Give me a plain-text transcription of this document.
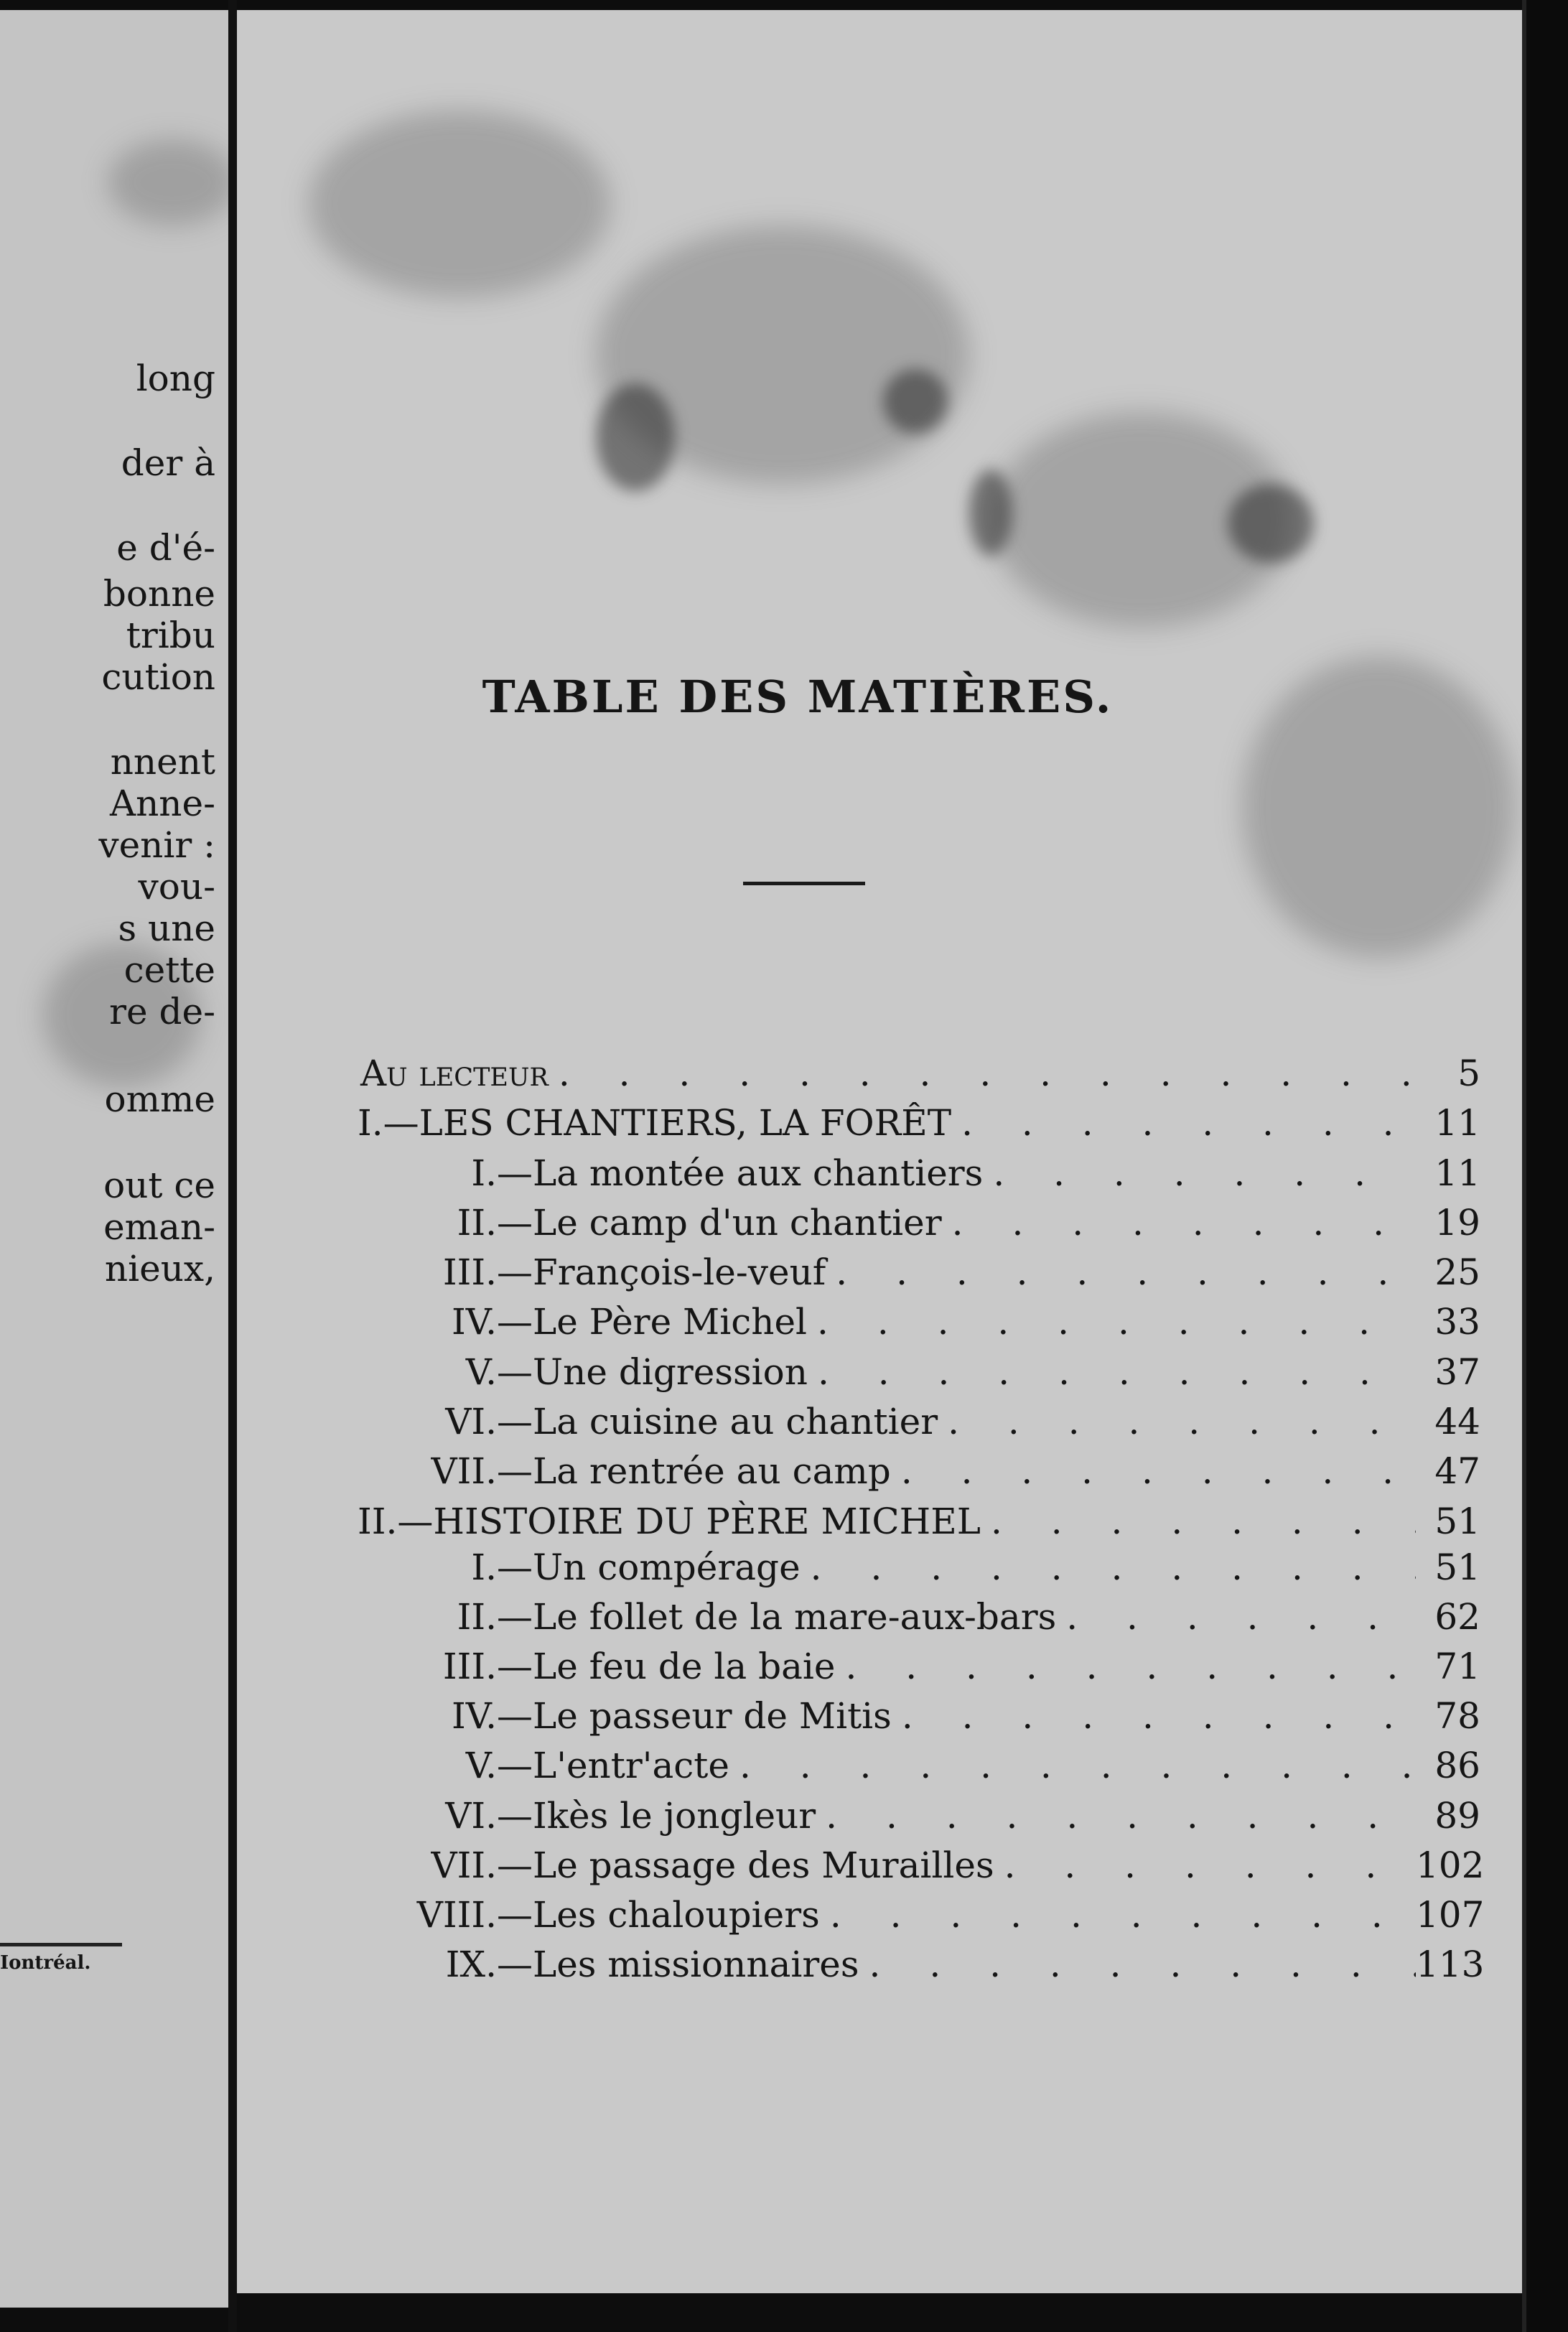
long
der à
e d'é-
bonne
tribu
cution
nnent
Anne-
venir :
vou-
s une
cette
re de-
omme
out ce
eman-
nieux,
Iontréal.
TABLE DES MATIÈRES.
Au lecteur . . .	5
I.— LES CHANTIERS, LA FORÊT . . .	11
I.— La montée aux chantiers . . .	11
II.— Le camp d'un chantier . . .	19
III.— François-le-veuf . . .	25
IV.— Le Père Michel . . .	33
V.— Une digression . . .	37
VI.— La cuisine au chantier . . .	44
VII.— La rentrée au camp . . .	47
II.— HISTOIRE DU PÈRE MICHEL . . .	51
I.— Un compérage . . .	51
II.— Le follet de la mare-aux-bars . . .	62
III.— Le feu de la baie . . .	71
IV.— Le passeur de Mitis . . .	78
V.— L'entr'acte . . .	86
VI.— Ikès le jongleur . . .	89
VII.— Le passage des Murailles . . .	102
VIII.— Les chaloupiers . . .	107
IX.— Les missionnaires . . .	113
